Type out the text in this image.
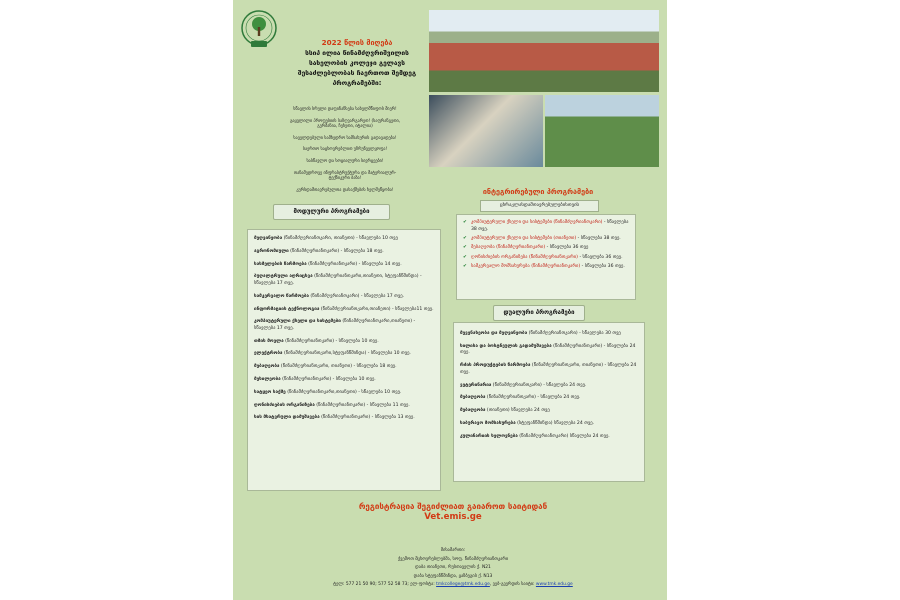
2022 წლის მიღება
სსიპ ილია წინამძღვრიშვილის
სახელობის კოლეჯი გელავს
შესაძლებლობას ჩაერთოთ შემდეგ
პროგრამებში:
სწავლის სრული დაფინანსება სახელმწიფოს მიერ!
გაყვლილი პროფესიის საზღვარგარეთ! (საფრანგეთი,
გერმანია, ჩეხეთი, იტალია)
საველდებული სამხედრო სამსახურის გადავადება!
საერთო საცხოვრებლით უზრუნველყოფა!
სასწავლო და სოციალური სივრცეები!
თანამედროვე ინფრასტრუქტურა და მატერიალურ-
ტექნიკური ბაზა!
კურსდამთავრებულთა დასაქმების ხელშეწყობა!
მოდულური პროგრამები
ინტეგრირებული პროგრამები
ცხრაკლასდამთავრებულებისთვის
მეღვინეობა (წინამძღვრიანთკარი, თიანეთი) - სწავლება 10 თვე
აგრონომიული (წინამძღვრიანთკარი) - სწავლება 18 თვე.
სასმელების წარმოება (წინამძღვრიანთკარი) - სწავლება 14 თვე.
ბუღალტრული აღრიცხვა (წინამძღვრიანთკარი,თიანეთი, სტეფანწმინდა) - სწავლება 17 თვე.
სამკერვალო წარმოება (წინამძღვრიანთკარი) - სწავლება 17 თვე.
ინფორმაციის ტექნოლოგია (წინამძღვრიანთკარი,თიანეთი) - სწავლება11 თვე.
კომპიუტერული ქსელი და სისტემები (წინამძღვრიანთკარი,თიანეთი) - სწავლება 17 თვე.
თმის მოვლა (წინამძღვრიანთკარი) - სწავლება 10 თვე.
ელექტრობა (წინამძღვრიანთკარი,სტეფანწმინდა) - სწავლება 10 თვე.
მებაღეობა (წინამძღვრიანთკარი, თიანეთი) - სწავლება 18 თვე.
მეხილეობა (წინამძღვრიანთკარი) - სწავლება 10 თვე.
სატყეო საქმე (წინამძღვრიანთკარი,თიანეთი) - სწავლება 10 თვე.
ღონისძიების ორგანიზება (წინამძღვრიანთკარი) - სწავლება 11 თვე.
ხის მხატვრული დამუშავება (წინამძღვრიანთკარი) - სწავლება 13 თვე.
✔ კომპიუტერული ქსელი და სისტემები (წინამძღვრიანთკარი) - სწავლება 38 თვე.
✔ კომპიუტერული ქსელი და სისტემები (თიანეთი) - სწავლება 38 თვე.
✔ მებაღეობა (წინამძღვრიანთკარი) - სწავლება 36 თვე
✔ ღონისძიების ორგანიზება (წინამძღვრიანთკარი) - სწავლება 36 თვე.
✔ სამკერვალო მომსახურება (წინამძღვრიანთკარი) - სწავლება 36 თვე.
დუალური პროგრამები
მევენახეობა და მეღვინეობა (წინამძღვრიანთკარი) - სწავლება 30 თვე
ხილისა და ბოსტნეულის გადამუშავება (წინამძღვრიანთკარი) - სწავლება 24 თვე.
რძის პროდუქტების წარმოება (წინამძღვრიანთკარი, თიანეთი) - სწავლება 24 თვე.
ვეტერინარია (წინამძღვრიანთკარი) - სწავლება 24 თვე.
მებაღეობა (წინამძღვრიანთკარი) - სწავლება 24 თვე.
მებაღეობა (თიანეთი) სწავლება 24 თვე
საბურავო მომსახურება (სტეფანწმინდა) სწავლება 24 თვე.
კულინარიის ხელოვნება (წინამძღვრიანთკარი) სწავლება 24 თვე.
რეგისტრაცია შეგიძლიათ გაიაროთ საიტიდან
Vet.emis.ge
მისამართი:
ქვემოთ მცხოვრებლებმა, სოფ. წინამძღვრიანთკარი
დაბა თიანეთი, რუსთაველის ქ. N21
დაბა სტეფანწმინდა, ყაზბეგის ქ. N13
ტელ: 577 21 50 90; 577 52 58 73; ელ-ფოსტა: tmkcollege@tmk.edu.ge, ვებ-გვერდის საიტი: www.tmk.edu.ge
